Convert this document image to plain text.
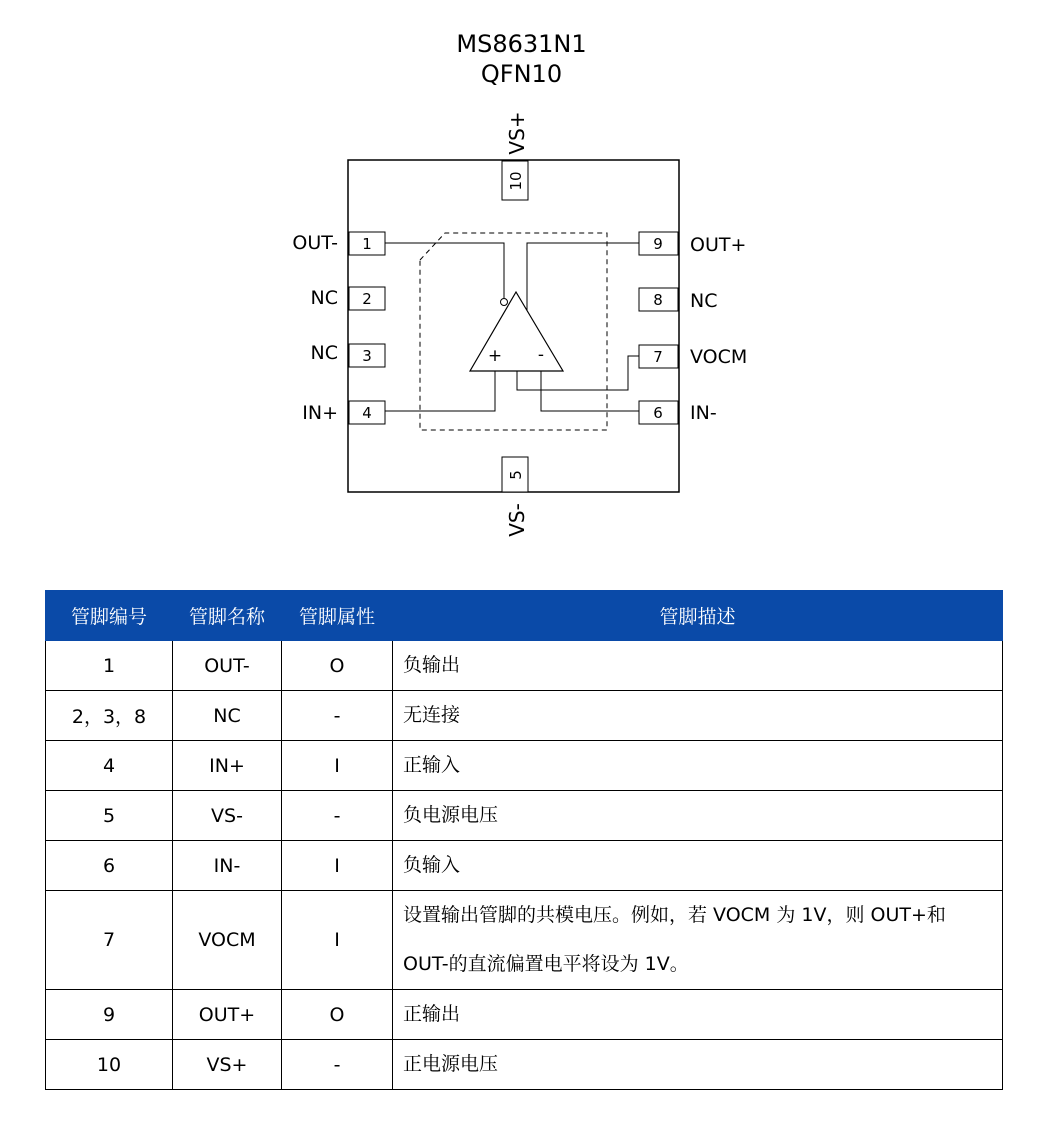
MS8631N1
QFN10
10
VS+
5
VS-
1
OUT-
2
NC
3
NC
4
IN+
9 OUT+
8 NC
7 VOCM
6 IN-
+ -
管脚编号	管脚名称	管脚属性	管脚描述
1	OUT-	O	负输出
2，3，8	NC	-	无连接
4	IN+	I	正输入
5	VS-	-	负电源电压
6	IN-	I	负输入
7	VOCM	I	设置输出管脚的共模电压。例如，若 VOCM 为 1V，则 OUT+和
OUT-的直流偏置电平将设为 1V。

9	OUT+	O	正输出
10	VS+	-	正电源电压
